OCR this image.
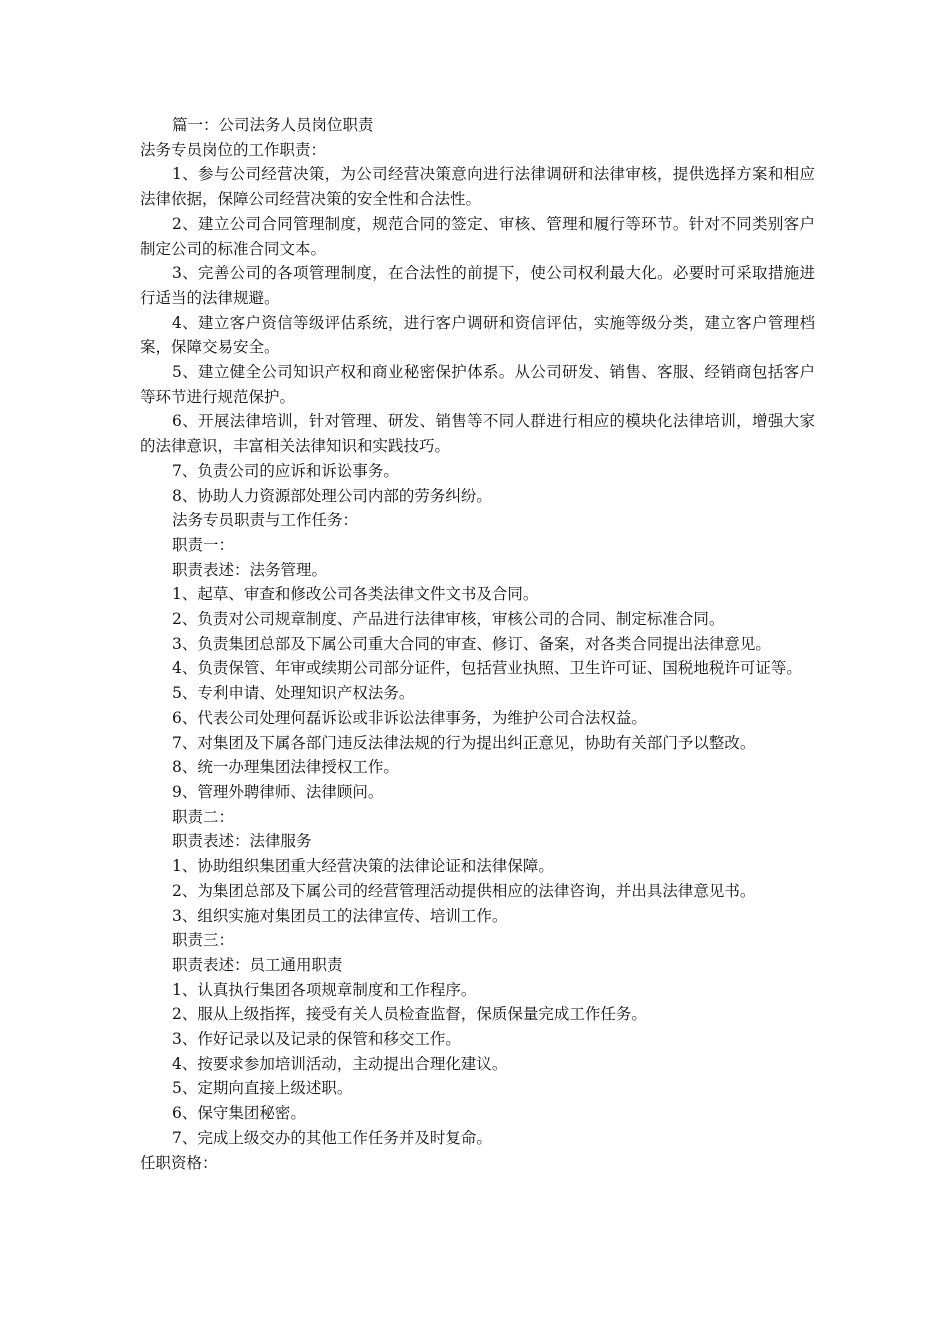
篇一：公司法务人员岗位职责

法务专员岗位的工作职责：

1、参与公司经营决策，为公司经营决策意向进行法律调研和法律审核，提供选择方案和相应法律依据，保障公司经营决策的安全性和合法性。

2、建立公司合同管理制度，规范合同的签定、审核、管理和履行等环节。针对不同类别客户制定公司的标准合同文本。

3、完善公司的各项管理制度，在合法性的前提下，使公司权利最大化。必要时可采取措施进行适当的法律规避。

4、建立客户资信等级评估系统，进行客户调研和资信评估，实施等级分类，建立客户管理档案，保障交易安全。

5、建立健全公司知识产权和商业秘密保护体系。从公司研发、销售、客服、经销商包括客户等环节进行规范保护。

6、开展法律培训，针对管理、研发、销售等不同人群进行相应的模块化法律培训，增强大家的法律意识，丰富相关法律知识和实践技巧。

7、负责公司的应诉和诉讼事务。

8、协助人力资源部处理公司内部的劳务纠纷。

法务专员职责与工作任务：

职责一：

职责表述：法务管理。

1、起草、审查和修改公司各类法律文件文书及合同。

2、负责对公司规章制度、产品进行法律审核，审核公司的合同、制定标准合同。

3、负责集团总部及下属公司重大合同的审查、修订、备案，对各类合同提出法律意见。

4、负责保管、年审或续期公司部分证件，包括营业执照、卫生许可证、国税地税许可证等。

5、专利申请、处理知识产权法务。

6、代表公司处理何磊诉讼或非诉讼法律事务，为维护公司合法权益。

7、对集团及下属各部门违反法律法规的行为提出纠正意见，协助有关部门予以整改。

8、统一办理集团法律授权工作。

9、管理外聘律师、法律顾问。

职责二：

职责表述：法律服务

1、协助组织集团重大经营决策的法律论证和法律保障。

2、为集团总部及下属公司的经营管理活动提供相应的法律咨询，并出具法律意见书。

3、组织实施对集团员工的法律宣传、培训工作。

职责三：

职责表述：员工通用职责

1、认真执行集团各项规章制度和工作程序。

2、服从上级指挥，接受有关人员检查监督，保质保量完成工作任务。

3、作好记录以及记录的保管和移交工作。

4、按要求参加培训活动，主动提出合理化建议。

5、定期向直接上级述职。

6、保守集团秘密。

7、完成上级交办的其他工作任务并及时复命。

任职资格：
